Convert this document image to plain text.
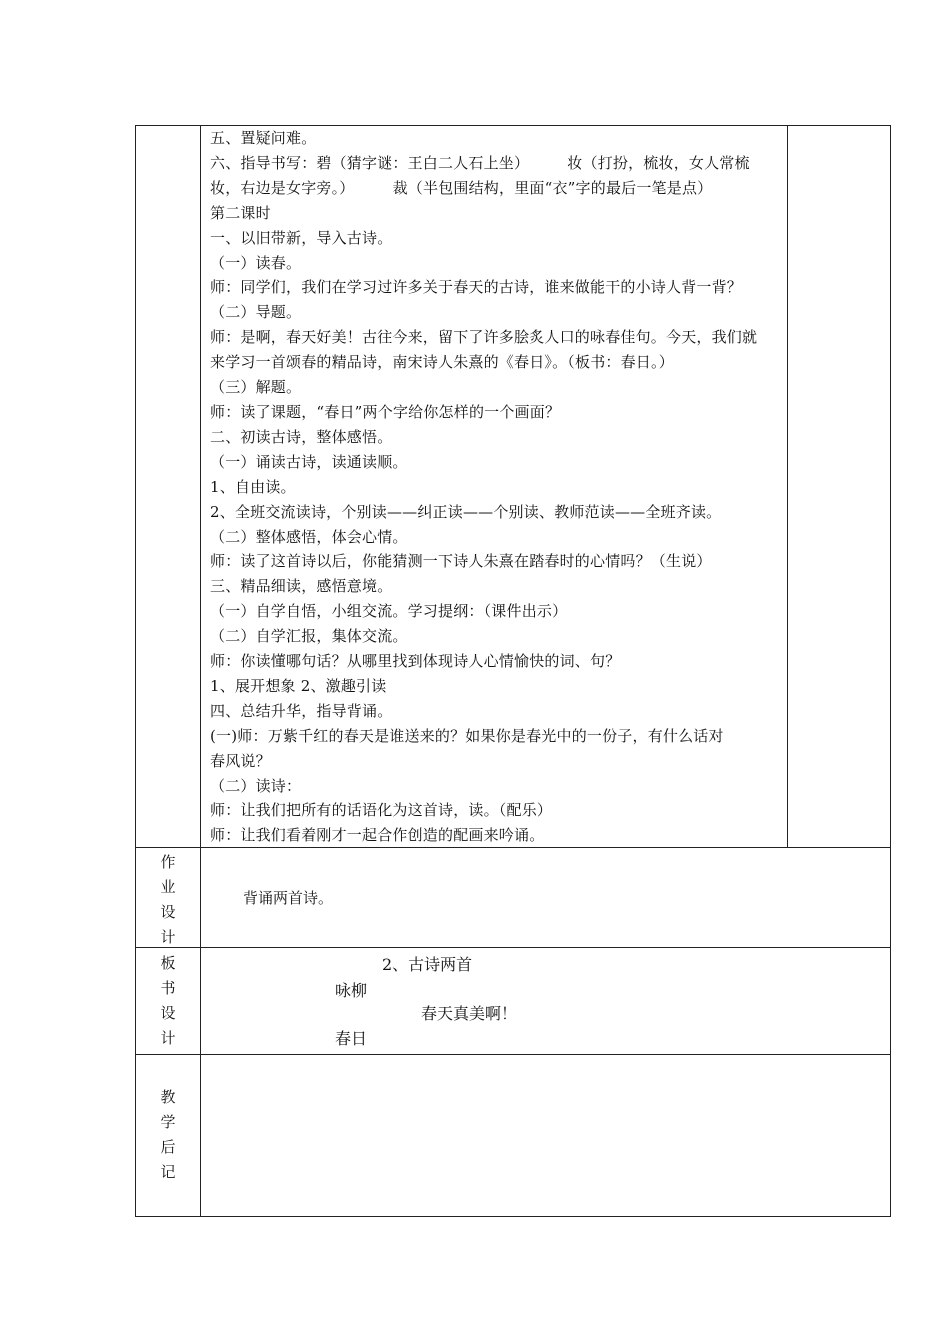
五、置疑问难。

六、指导书写：碧（猜字谜：王白二人石上坐）　　　妆（打扮，梳妆，女人常梳

妆，右边是女字旁。）　　　裁（半包围结构，里面“衣”字的最后一笔是点）

第二课时

一、以旧带新，导入古诗。

（一）读春。

师：同学们，我们在学习过许多关于春天的古诗，谁来做能干的小诗人背一背？

（二）导题。

师：是啊，春天好美！古往今来，留下了许多脍炙人口的咏春佳句。今天，我们就

来学习一首颂春的精品诗，南宋诗人朱熹的《春日》。（板书：春日。）

（三）解题。

师：读了课题，“春日”两个字给你怎样的一个画面？

二、初读古诗，整体感悟。

（一）诵读古诗，读通读顺。

1、自由读。

2、全班交流读诗，个别读——纠正读——个别读、教师范读——全班齐读。

（二）整体感悟，体会心情。

师：读了这首诗以后，你能猜测一下诗人朱熹在踏春时的心情吗？（生说）

三、精品细读，感悟意境。

（一）自学自悟，小组交流。学习提纲：（课件出示）

（二）自学汇报，集体交流。

师：你读懂哪句话？从哪里找到体现诗人心情愉快的词、句？

1、展开想象 2、激趣引读

四、总结升华，指导背诵。

(一)师：万紫千红的春天是谁送来的？如果你是春光中的一份子，有什么话对

春风说？

（二）读诗：

师：让我们把所有的话语化为这首诗，读。（配乐）

师：让我们看着刚才一起合作创造的配画来吟诵。

作
业
设
计
背诵两首诗。
板
书
设
计
2、古诗两首
咏柳
春天真美啊！
春日
教
学
后
记
